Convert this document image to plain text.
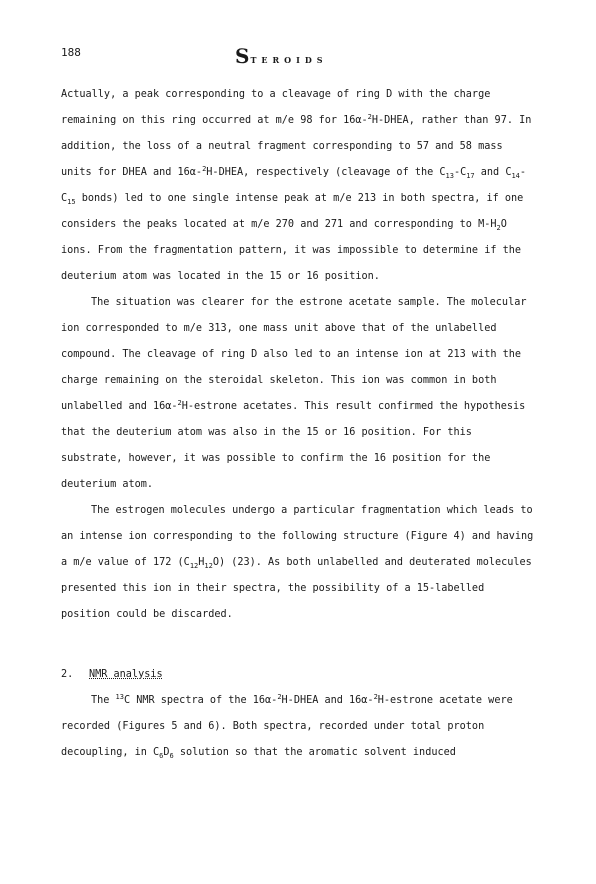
188	STEROIDS

Actually, a peak corresponding to a cleavage of ring D with the charge remaining on this ring occurred at m/e 98 for 16α-$^2$H-DHEA, rather than 97. In addition, the loss of a neutral fragment corresponding to 57 and 58 mass units for DHEA and 16α-$^2$H-DHEA, respectively (cleavage of the $C_{13}-C_{17}$ and $C_{14}-C_{15}$ bonds) led to one single intense peak at m/e 213 in both spectra, if one considers the peaks located at m/e 270 and 271 and corresponding to $M-H_2O$ ions. From the fragmentation pattern, it was impossible to determine if the deuterium atom was located in the 15 or 16 position.

The situation was clearer for the estrone acetate sample. The molecular ion corresponded to m/e 313, one mass unit above that of the unlabelled compound. The cleavage of ring D also led to an intense ion at 213 with the charge remaining on the steroidal skeleton. This ion was common in both unlabelled and 16α-$^2$H-estrone acetates. This result confirmed the hypothesis that the deuterium atom was also in the 15 or 16 position. For this substrate, however, it was possible to confirm the 16 position for the deuterium atom.

The estrogen molecules undergo a particular fragmentation which leads to an intense ion corresponding to the following structure (Figure 4) and having a m/e value of 172 $(C_{12}H_{12}O)$ (23). As both unlabelled and deuterated molecules presented this ion in their spectra, the possibility of a 15-labelled position could be discarded.

2. NMR analysis

The $^{13}$C NMR spectra of the 16α-$^2$H-DHEA and 16α-$^2$H-estrone acetate were recorded (Figures 5 and 6). Both spectra, recorded under total proton decoupling, in $C_6D_6$ solution so that the aromatic solvent induced
